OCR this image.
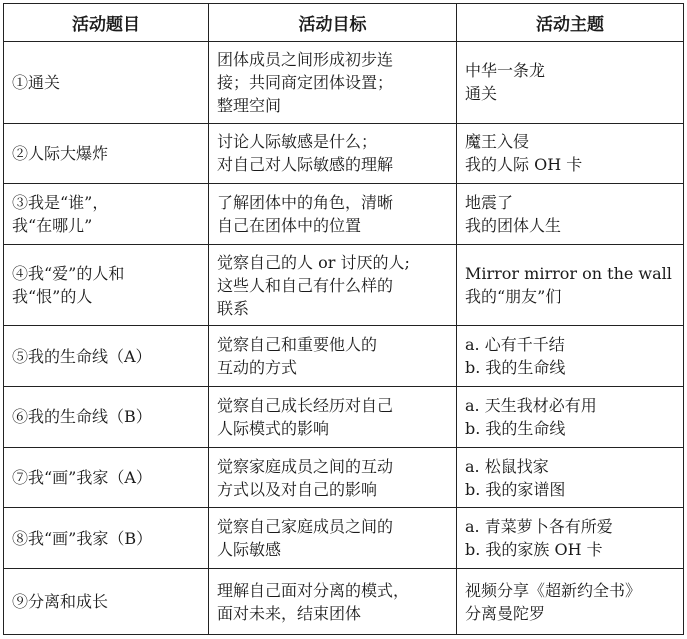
活动题目	活动目标	活动主题

①通关	团体成员之间形成初步连
接；共同商定团体设置；
整理空间	中华一条龙
通关

②人际大爆炸	讨论人际敏感是什么；
对自己对人际敏感的理解	魔王入侵
我的人际 OH 卡

③我是“谁”，
我“在哪儿”	了解团体中的角色，清晰
自己在团体中的位置	地震了
我的团体人生

④我“爱”的人和
我“恨”的人	觉察自己的人 or 讨厌的人;
这些人和自己有什么样的
联系	Mirror mirror on the wall
我的“朋友”们

⑤我的生命线（A）	觉察自己和重要他人的
互动的方式	a. 心有千千结
b. 我的生命线

⑥我的生命线（B）	觉察自己成长经历对自己
人际模式的影响	a. 天生我材必有用
b. 我的生命线

⑦我“画”我家（A）	觉察家庭成员之间的互动
方式以及对自己的影响	a. 松鼠找家
b. 我的家谱图

⑧我“画”我家（B）	觉察自己家庭成员之间的
人际敏感	a. 青菜萝卜各有所爱
b. 我的家族 OH 卡

⑨分离和成长	理解自己面对分离的模式，
面对未来，结束团体	视频分享《超新约全书》
分离曼陀罗
